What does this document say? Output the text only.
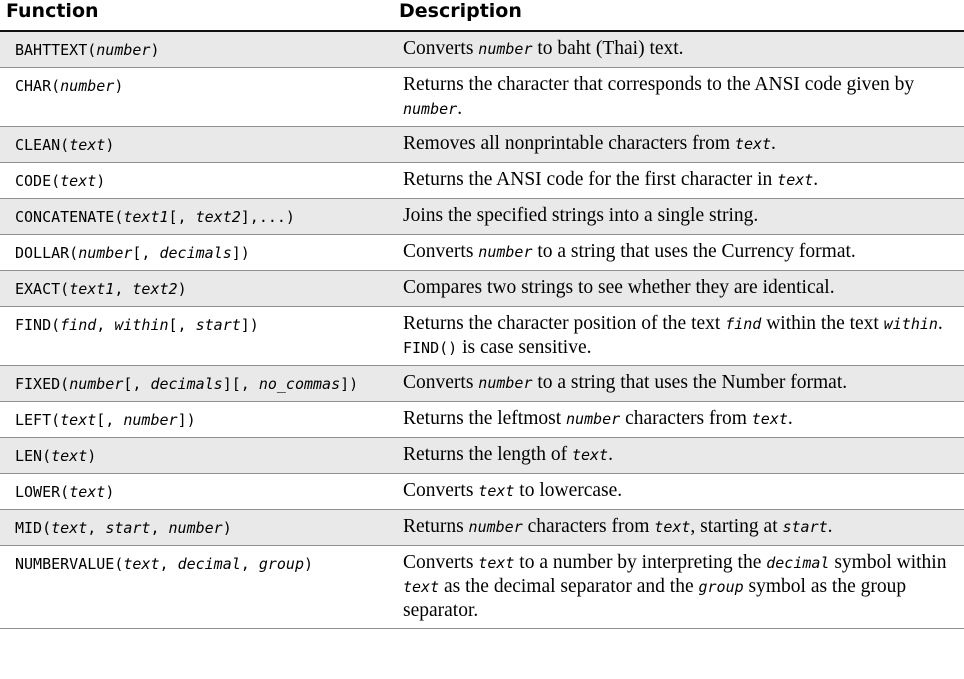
Function	Description
BAHTTEXT(number)	Converts number to baht (Thai) text.
CHAR(number)	Returns the character that corresponds to the ANSI code given by number.
CLEAN(text)	Removes all nonprintable characters from text.
CODE(text)	Returns the ANSI code for the first character in text.
CONCATENATE(text1[, text2],...)	Joins the specified strings into a single string.
DOLLAR(number[, decimals])	Converts number to a string that uses the Currency format.
EXACT(text1, text2)	Compares two strings to see whether they are identical.
FIND(find, within[, start])	Returns the character position of the text find within the text within. FIND() is case sensitive.
FIXED(number[, decimals][, no_commas])	Converts number to a string that uses the Number format.
LEFT(text[, number])	Returns the leftmost number characters from text.
LEN(text)	Returns the length of text.
LOWER(text)	Converts text to lowercase.
MID(text, start, number)	Returns number characters from text, starting at start.
NUMBERVALUE(text, decimal, group)	Converts text to a number by interpreting the decimal symbol within text as the decimal separator and the group symbol as the group separator.
